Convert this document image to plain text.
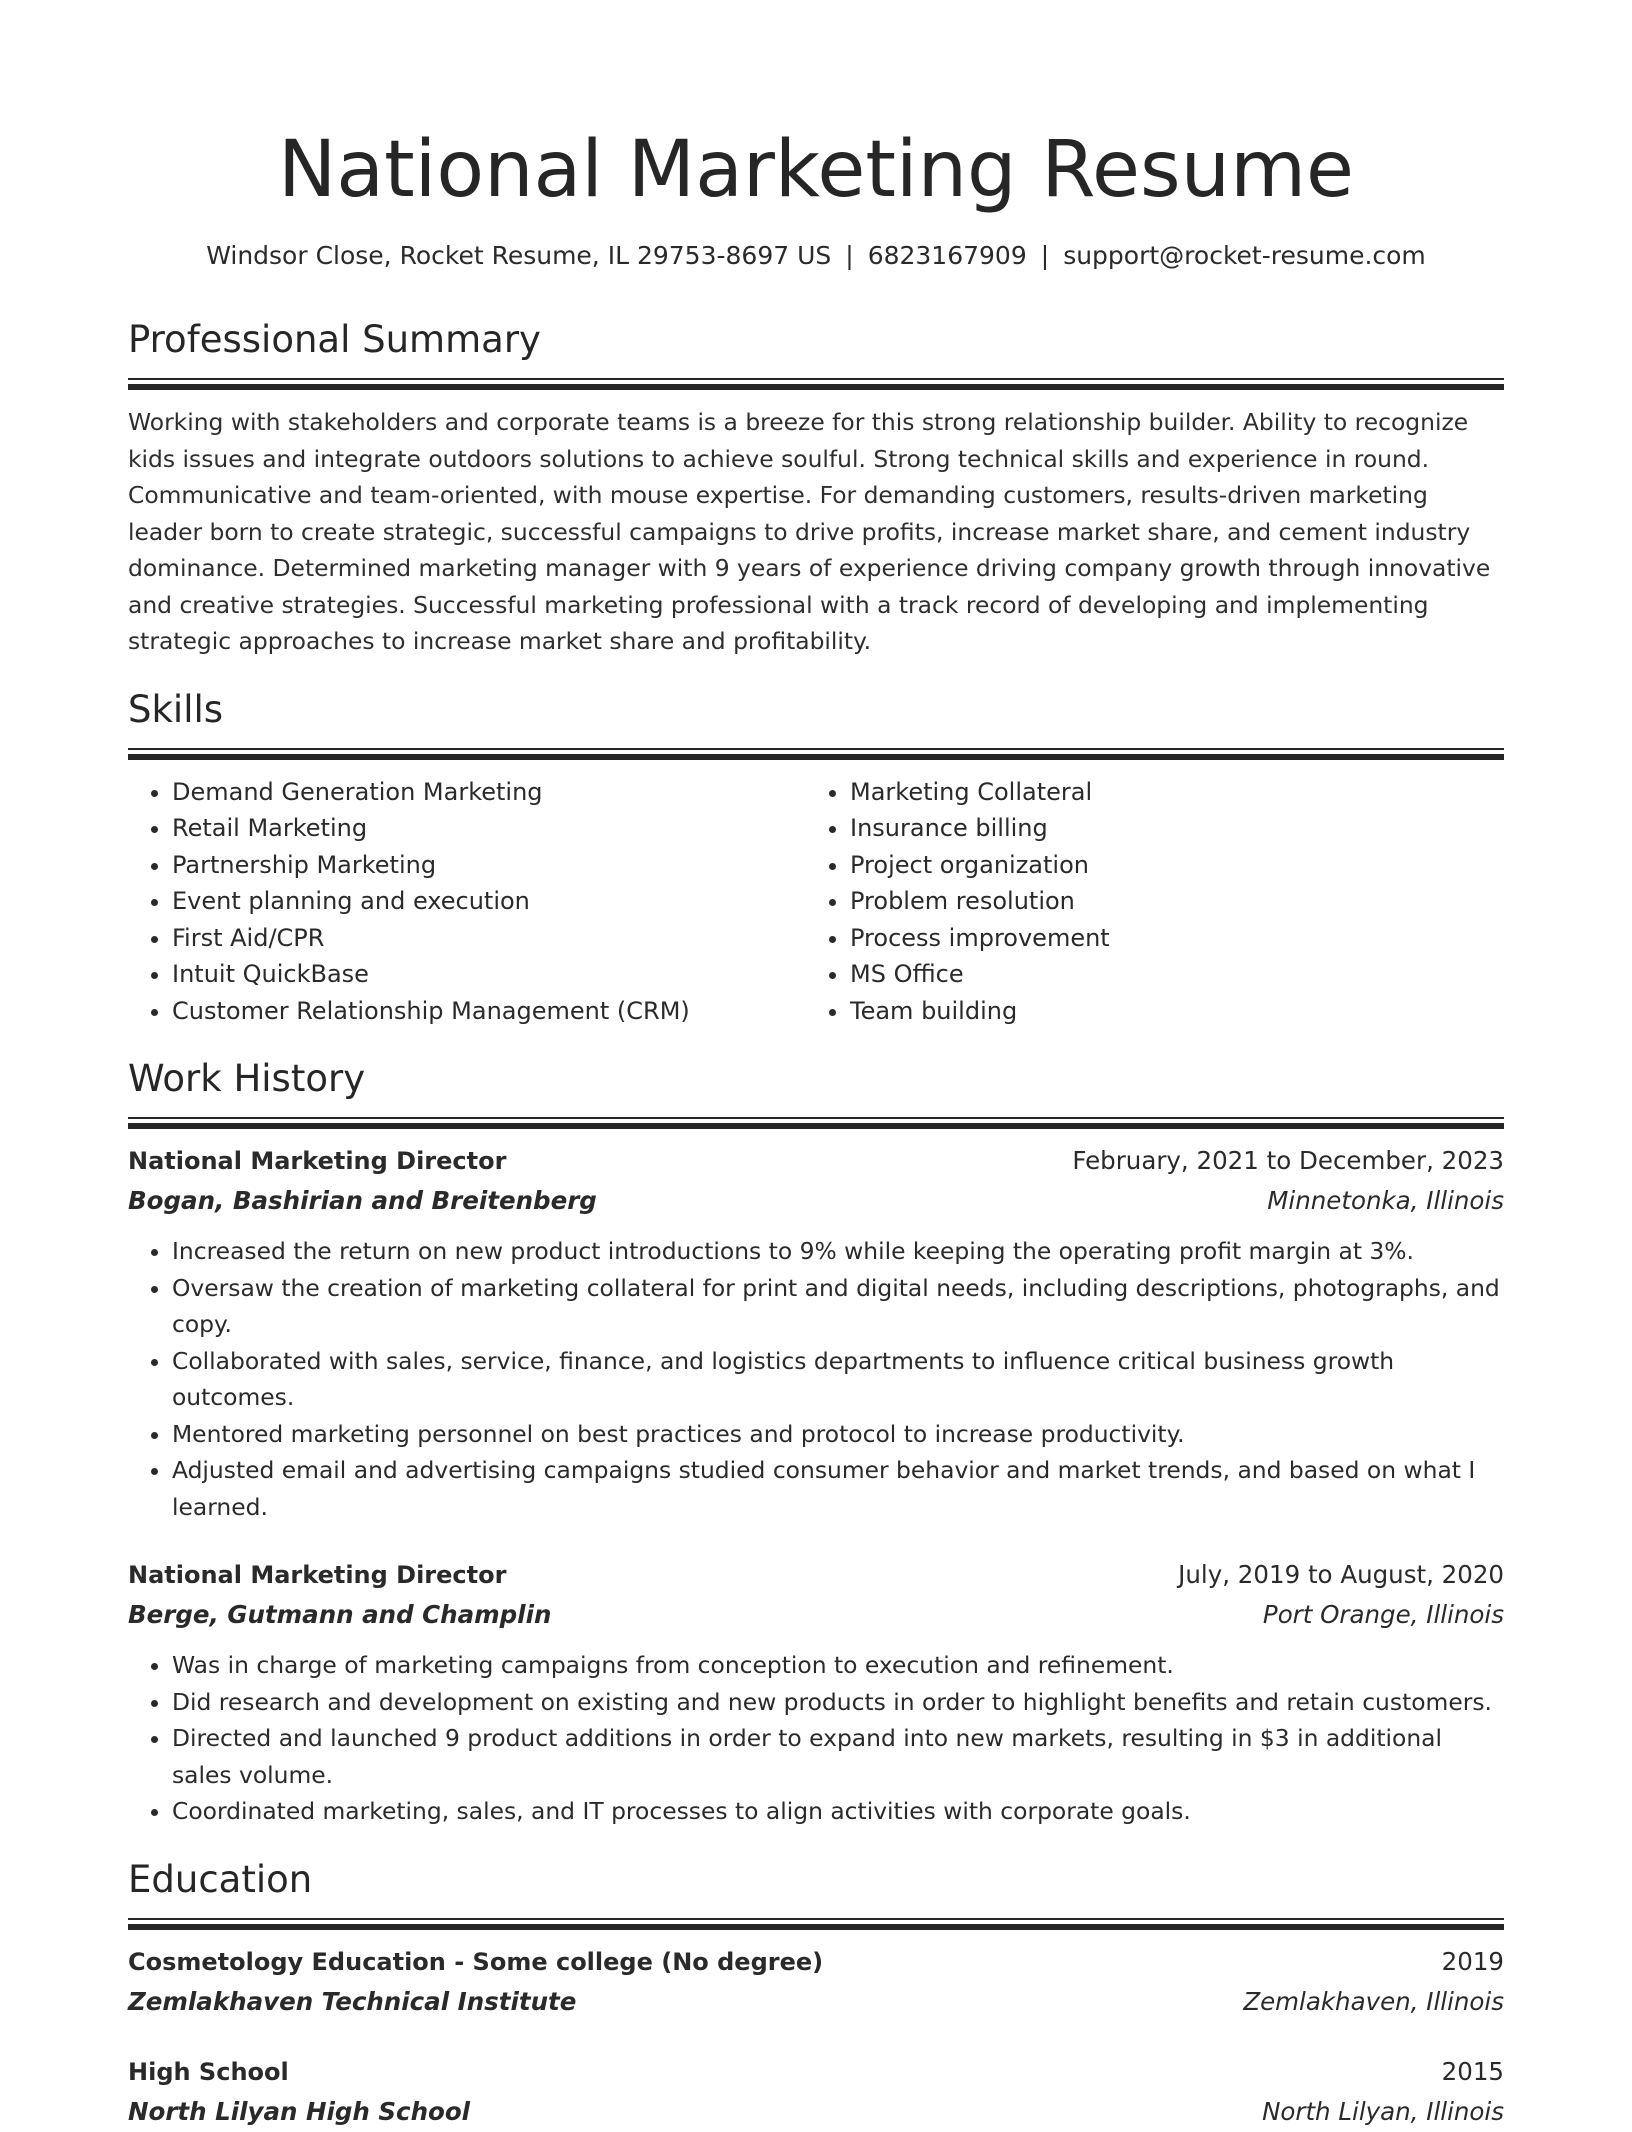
National Marketing Resume
Windsor Close, Rocket Resume, IL 29753-8697 US | 6823167909 | support@rocket-resume.com
Professional Summary
Working with stakeholders and corporate teams is a breeze for this strong relationship builder. Ability to recognize kids issues and integrate outdoors solutions to achieve soulful. Strong technical skills and experience in round. Communicative and team-oriented, with mouse expertise. For demanding customers, results-driven marketing leader born to create strategic, successful campaigns to drive profits, increase market share, and cement industry dominance. Determined marketing manager with 9 years of experience driving company growth through innovative and creative strategies. Successful marketing professional with a track record of developing and implementing strategic approaches to increase market share and profitability.
Skills
• Demand Generation Marketing
• Retail Marketing
• Partnership Marketing
• Event planning and execution
• First Aid/CPR
• Intuit QuickBase
• Customer Relationship Management (CRM)
• Marketing Collateral
• Insurance billing
• Project organization
• Problem resolution
• Process improvement
• MS Office
• Team building
Work History
National Marketing Director	February, 2021 to December, 2023
Bogan, Bashirian and Breitenberg	Minnetonka, Illinois
• Increased the return on new product introductions to 9% while keeping the operating profit margin at 3%.
• Oversaw the creation of marketing collateral for print and digital needs, including descriptions, photographs, and copy.
• Collaborated with sales, service, finance, and logistics departments to influence critical business growth outcomes.
• Mentored marketing personnel on best practices and protocol to increase productivity.
• Adjusted email and advertising campaigns studied consumer behavior and market trends, and based on what I learned.
National Marketing Director	July, 2019 to August, 2020
Berge, Gutmann and Champlin	Port Orange, Illinois
• Was in charge of marketing campaigns from conception to execution and refinement.
• Did research and development on existing and new products in order to highlight benefits and retain customers.
• Directed and launched 9 product additions in order to expand into new markets, resulting in $3 in additional sales volume.
• Coordinated marketing, sales, and IT processes to align activities with corporate goals.
Education
Cosmetology Education - Some college (No degree)	2019
Zemlakhaven Technical Institute	Zemlakhaven, Illinois
High School	2015
North Lilyan High School	North Lilyan, Illinois
